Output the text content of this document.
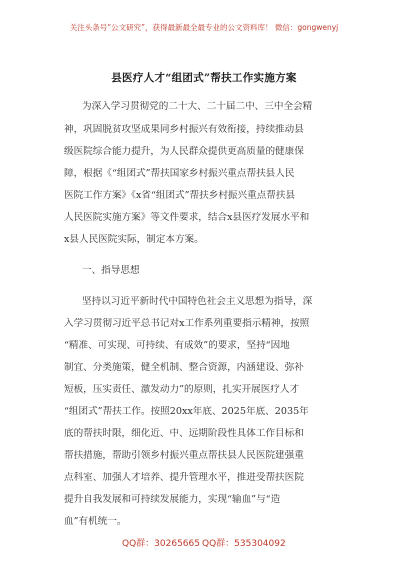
关注头条号“公文研究”，获得最新最全最专业的公文资料库！ 微信：gongwenyj
县医疗人才“组团式”帮扶工作实施方案
为深入学习贯彻党的二十大、二十届二中、三中全会精
神，巩固脱贫攻坚成果同乡村振兴有效衔接，持续推动县
级医院综合能力提升，为人民群众提供更高质量的健康保
障，根据《“组团式”帮扶国家乡村振兴重点帮扶县人民
医院工作方案》《x省“组团式”帮扶乡村振兴重点帮扶县
人民医院实施方案》等文件要求，结合x县医疗发展水平和
x县人民医院实际，制定本方案。
一、指导思想
坚持以习近平新时代中国特色社会主义思想为指导，深
入学习贯彻习近平总书记对x工作系列重要指示精神，按照
“精准、可实现、可持续、有成效”的要求，坚持“因地
制宜、分类施策，健全机制、整合资源，内涵建设、弥补
短板，压实责任、激发动力”的原则，扎实开展医疗人才
“组团式”帮扶工作。按照20xx年底、2025年底、2035年
底的帮扶时限，细化近、中、远期阶段性具体工作目标和
帮扶措施，帮助引领乡村振兴重点帮扶县人民医院建强重
点科室、加强人才培养、提升管理水平，推进受帮扶医院
提升自我发展和可持续发展能力，实现“输血”与“造
血”有机统一。
QQ群：30265665 QQ群：535304092
